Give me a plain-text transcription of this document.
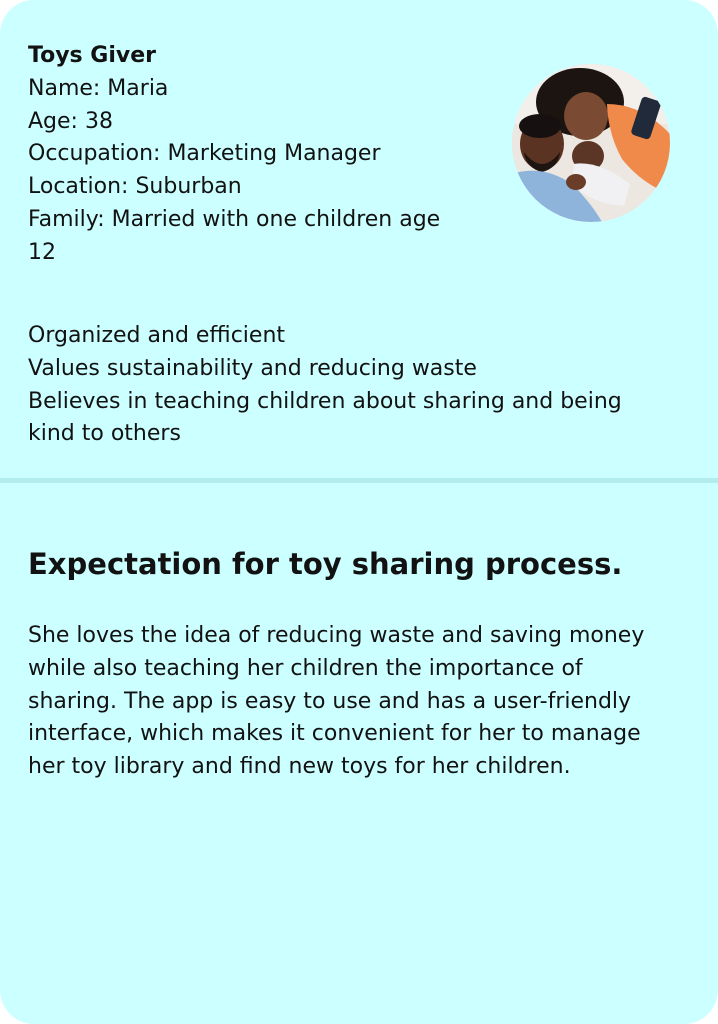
Toys Giver
Name: Maria
Age: 38
Occupation: Marketing Manager
Location: Suburban
Family: Married with one children age 12
Organized and efficient
Values sustainability and reducing waste
Believes in teaching children about sharing and being kind to others
Expectation for toy sharing process.

She loves the idea of reducing waste and saving money while also teaching her children the importance of sharing. The app is easy to use and has a user-friendly interface, which makes it convenient for her to manage her toy library and find new toys for her children.
